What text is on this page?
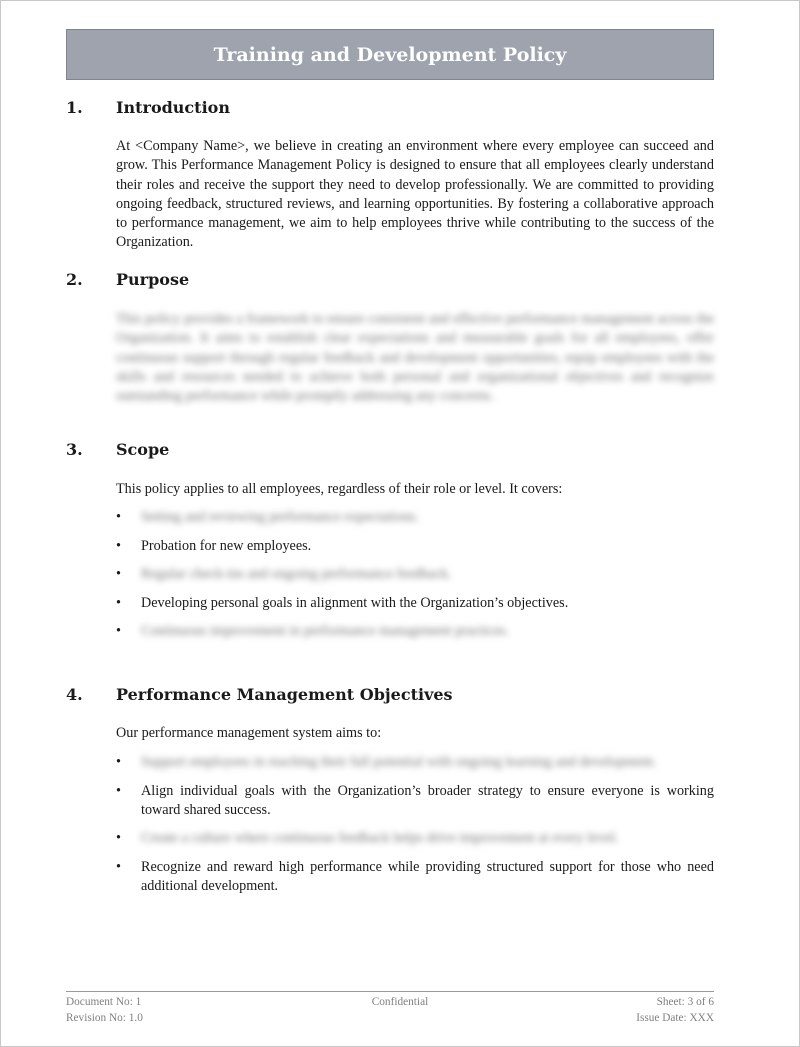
Training and Development Policy
1. Introduction
At <Company Name>, we believe in creating an environment where every employee can succeed and grow. This Performance Management Policy is designed to ensure that all employees clearly understand their roles and receive the support they need to develop professionally. We are committed to providing ongoing feedback, structured reviews, and learning opportunities. By fostering a collaborative approach to performance management, we aim to help employees thrive while contributing to the success of the Organization.
2. Purpose
This policy provides a framework to ensure consistent and effective performance management across the Organization. It aims to establish clear expectations and measurable goals for all employees, offer continuous support through regular feedback and development opportunities, equip employees with the skills and resources needed to achieve both personal and organizational objectives and recognize outstanding performance while promptly addressing any concerns.
3. Scope
This policy applies to all employees, regardless of their role or level. It covers:
• Setting and reviewing performance expectations.
• Probation for new employees.
• Regular check-ins and ongoing performance feedback.
• Developing personal goals in alignment with the Organization’s objectives.
• Continuous improvement in performance management practices.
4. Performance Management Objectives
Our performance management system aims to:
• Support employees in reaching their full potential with ongoing learning and development.
• Align individual goals with the Organization’s broader strategy to ensure everyone is working toward shared success.
• Create a culture where continuous feedback helps drive improvement at every level.
• Recognize and reward high performance while providing structured support for those who need additional development.
Document No: 1
Revision No: 1.0
Confidential	Sheet: 3 of 6
Issue Date: XXX
